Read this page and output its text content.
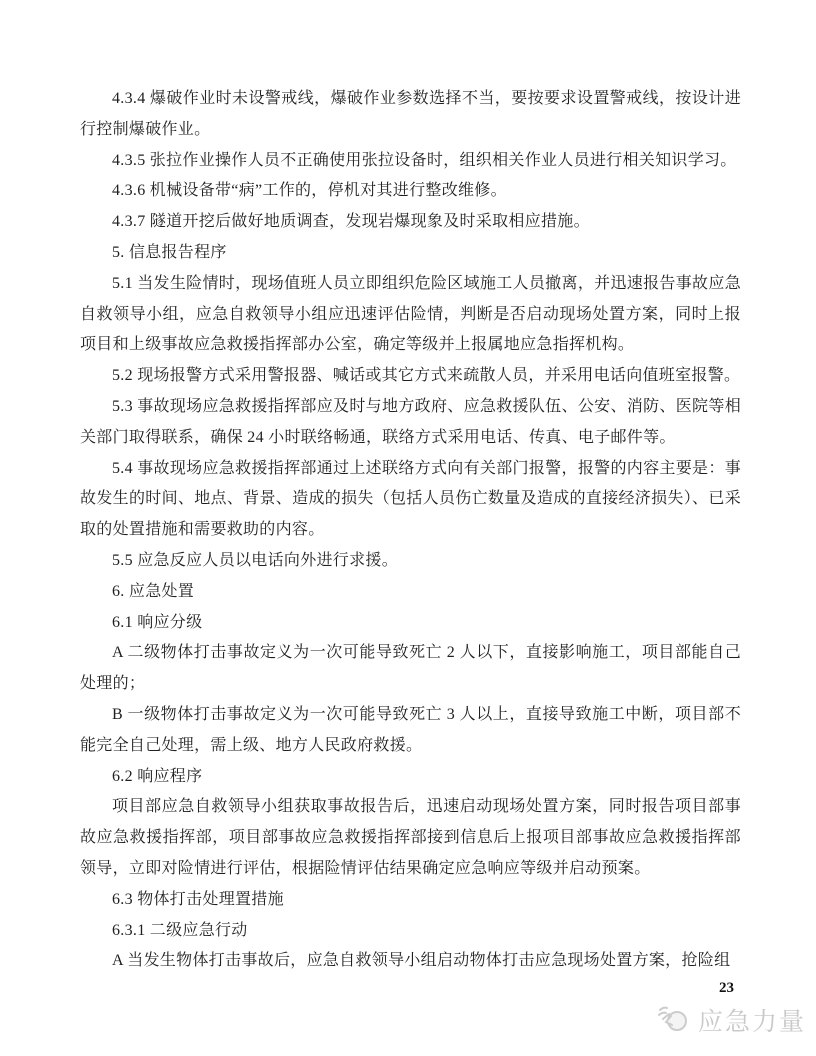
4.3.4 爆破作业时未设警戒线，爆破作业参数选择不当，要按要求设置警戒线，按设计进行控制爆破作业。

4.3.5 张拉作业操作人员不正确使用张拉设备时，组织相关作业人员进行相关知识学习。

4.3.6 机械设备带“病”工作的，停机对其进行整改维修。

4.3.7 隧道开挖后做好地质调查，发现岩爆现象及时采取相应措施。

5. 信息报告程序

5.1 当发生险情时，现场值班人员立即组织危险区域施工人员撤离，并迅速报告事故应急自救领导小组，应急自救领导小组应迅速评估险情，判断是否启动现场处置方案，同时上报项目和上级事故应急救援指挥部办公室，确定等级并上报属地应急指挥机构。

5.2 现场报警方式采用警报器、喊话或其它方式来疏散人员，并采用电话向值班室报警。

5.3 事故现场应急救援指挥部应及时与地方政府、应急救援队伍、公安、消防、医院等相关部门取得联系，确保 24 小时联络畅通，联络方式采用电话、传真、电子邮件等。

5.4 事故现场应急救援指挥部通过上述联络方式向有关部门报警，报警的内容主要是：事故发生的时间、地点、背景、造成的损失（包括人员伤亡数量及造成的直接经济损失）、已采取的处置措施和需要救助的内容。

5.5 应急反应人员以电话向外进行求援。

6. 应急处置

6.1 响应分级

A 二级物体打击事故定义为一次可能导致死亡 2 人以下，直接影响施工，项目部能自己处理的；

B 一级物体打击事故定义为一次可能导致死亡 3 人以上，直接导致施工中断，项目部不能完全自己处理，需上级、地方人民政府救援。

6.2 响应程序

项目部应急自救领导小组获取事故报告后，迅速启动现场处置方案，同时报告项目部事故应急救援指挥部，项目部事故应急救援指挥部接到信息后上报项目部事故应急救援指挥部领导，立即对险情进行评估，根据险情评估结果确定应急响应等级并启动预案。

6.3 物体打击处理置措施

6.3.1 二级应急行动

A 当发生物体打击事故后，应急自救领导小组启动物体打击应急现场处置方案，抢险组

23
应急力量
